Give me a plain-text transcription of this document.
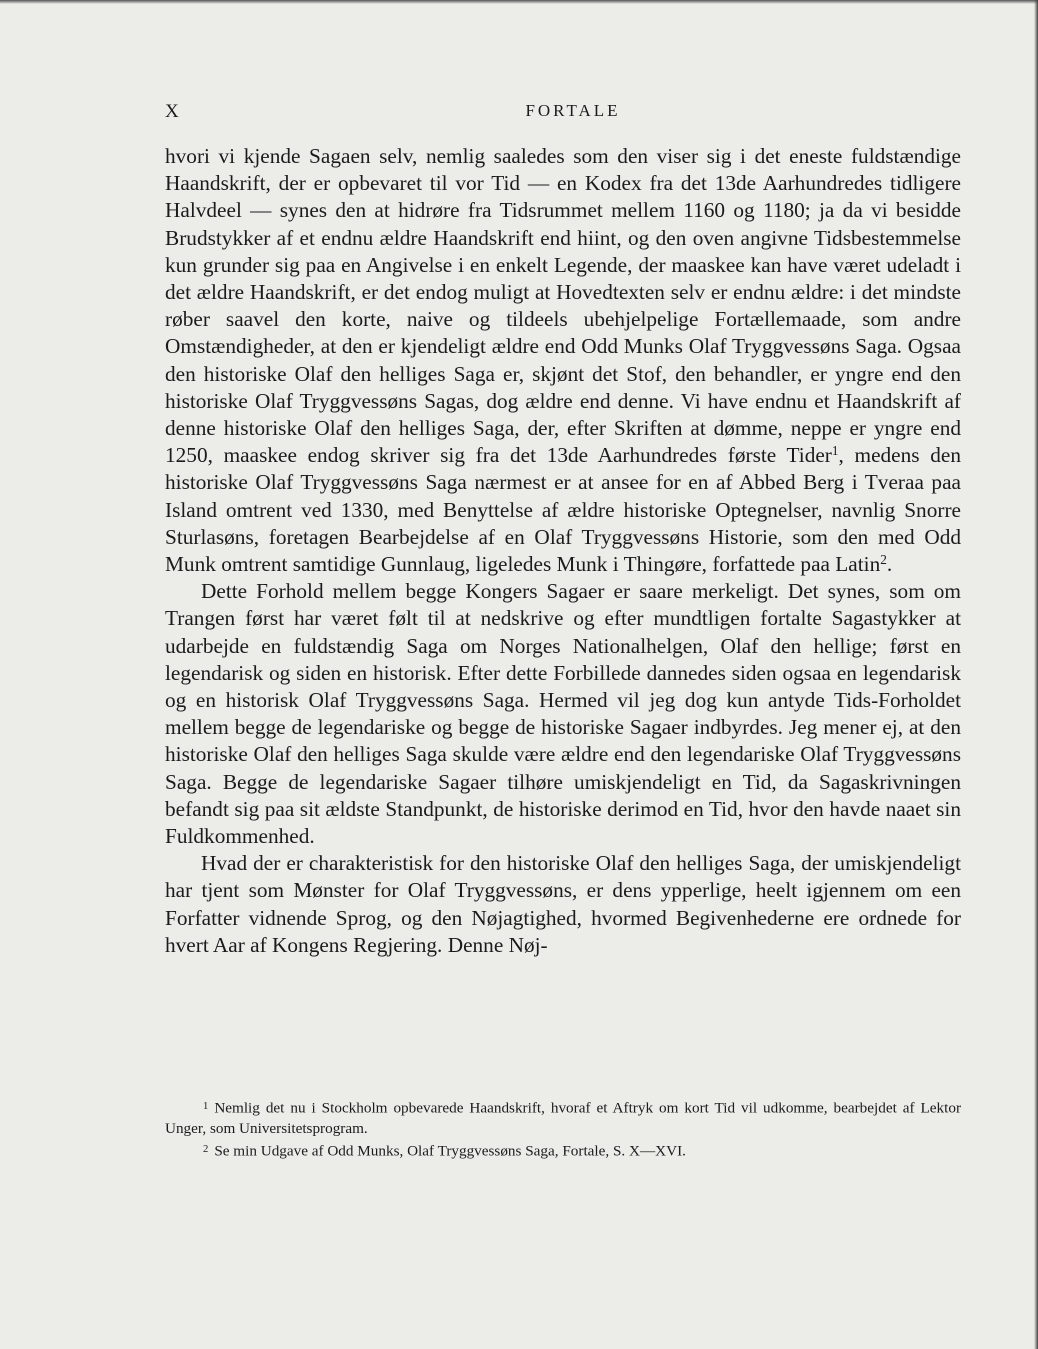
X	FORTALE

hvori vi kjende Sagaen selv, nemlig saaledes som den viser sig i det eneste fuldstændige Haandskrift, der er opbevaret til vor Tid — en Kodex fra det 13de Aarhundredes tidligere Halvdeel — synes den at hidrøre fra Tidsrummet mellem 1160 og 1180; ja da vi besidde Brudstykker af et endnu ældre Haandskrift end hiint, og den oven angivne Tidsbestemmelse kun grunder sig paa en Angivelse i en enkelt Legende, der maaskee kan have været udeladt i det ældre Haandskrift, er det endog muligt at Hovedtexten selv er endnu ældre: i det mindste røber saavel den korte, naive og tildeels ubehjelpelige Fortællemaade, som andre Omstændigheder, at den er kjendeligt ældre end Odd Munks Olaf Tryggvessøns Saga. Ogsaa den historiske Olaf den helliges Saga er, skjønt det Stof, den behandler, er yngre end den historiske Olaf Tryggvessøns Sagas, dog ældre end denne. Vi have endnu et Haandskrift af denne historiske Olaf den helliges Saga, der, efter Skriften at dømme, neppe er yngre end 1250, maaskee endog skriver sig fra det 13de Aarhundredes første Tider$^1$, medens den historiske Olaf Tryggvessøns Saga nærmest er at ansee for en af Abbed Berg i Tveraa paa Island omtrent ved 1330, med Benyttelse af ældre historiske Optegnelser, navnlig Snorre Sturlasøns, foretagen Bearbejdelse af en Olaf Tryggvessøns Historie, som den med Odd Munk omtrent samtidige Gunnlaug, ligeledes Munk i Thingøre, forfattede paa Latin$^2$.

Dette Forhold mellem begge Kongers Sagaer er saare merkeligt. Det synes, som om Trangen først har været følt til at nedskrive og efter mundtligen fortalte Sagastykker at udarbejde en fuldstændig Saga om Norges Nationalhelgen, Olaf den hellige; først en legendarisk og siden en historisk. Efter dette Forbillede dannedes siden ogsaa en legendarisk og en historisk Olaf Tryggvessøns Saga. Hermed vil jeg dog kun antyde Tids-Forholdet mellem begge de legendariske og begge de historiske Sagaer indbyrdes. Jeg mener ej, at den historiske Olaf den helliges Saga skulde være ældre end den legendariske Olaf Tryggvessøns Saga. Begge de legendariske Sagaer tilhøre umiskjendeligt en Tid, da Sagaskrivningen befandt sig paa sit ældste Standpunkt, de historiske derimod en Tid, hvor den havde naaet sin Fuldkommenhed.

Hvad der er charakteristisk for den historiske Olaf den helliges Saga, der umiskjendeligt har tjent som Mønster for Olaf Tryggvessøns, er dens ypperlige, heelt igjennem om een Forfatter vidnende Sprog, og den Nøjagtighed, hvormed Begivenhederne ere ordnede for hvert Aar af Kongens Regjering. Denne Nøj-

$^1$ Nemlig det nu i Stockholm opbevarede Haandskrift, hvoraf et Aftryk om kort Tid vil udkomme, bearbejdet af Lektor Unger, som Universitetsprogram.

$^2$ Se min Udgave af Odd Munks, Olaf Tryggvessøns Saga, Fortale, S. X—XVI.
